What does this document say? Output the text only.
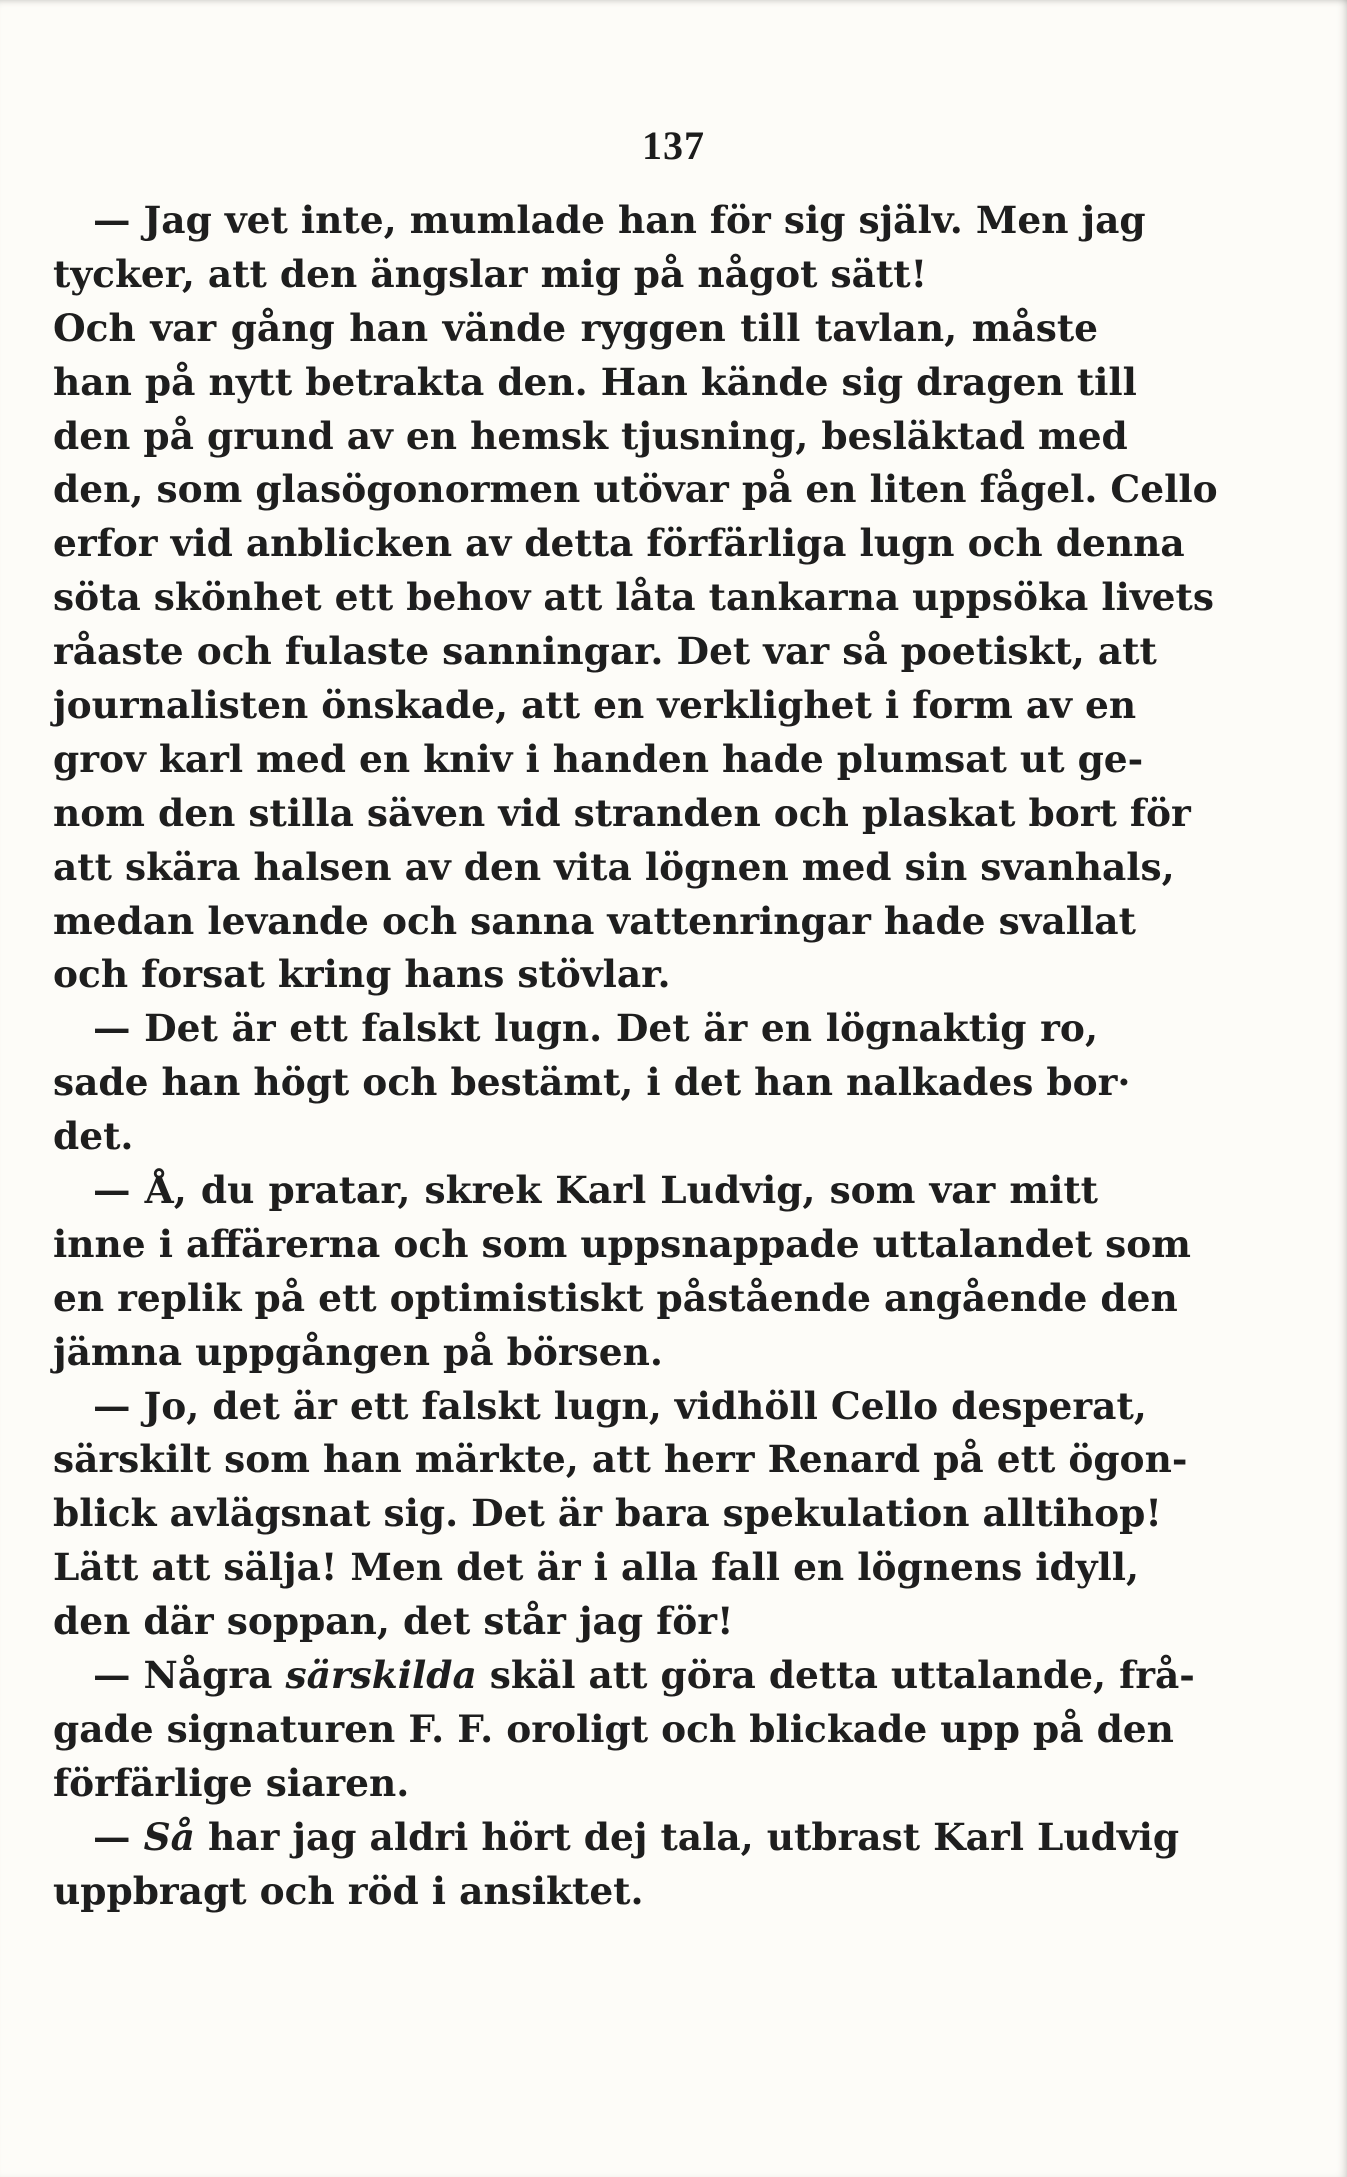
137
— Jag vet inte, mumlade han för sig själv. Men jag
tycker, att den ängslar mig på något sätt!
Och var gång han vände ryggen till tavlan, måste
han på nytt betrakta den. Han kände sig dragen till
den på grund av en hemsk tjusning, besläktad med
den, som glasögonormen utövar på en liten fågel. Cello
erfor vid anblicken av detta förfärliga lugn och denna
söta skönhet ett behov att låta tankarna uppsöka livets
råaste och fulaste sanningar. Det var så poetiskt, att
journalisten önskade, att en verklighet i form av en
grov karl med en kniv i handen hade plumsat ut ge-
nom den stilla säven vid stranden och plaskat bort för
att skära halsen av den vita lögnen med sin svanhals,
medan levande och sanna vattenringar hade svallat
och forsat kring hans stövlar.
— Det är ett falskt lugn. Det är en lögnaktig ro,
sade han högt och bestämt, i det han nalkades bor·
det.
— Å, du pratar, skrek Karl Ludvig, som var mitt
inne i affärerna och som uppsnappade uttalandet som
en replik på ett optimistiskt påstående angående den
jämna uppgången på börsen.
— Jo, det är ett falskt lugn, vidhöll Cello desperat,
särskilt som han märkte, att herr Renard på ett ögon-
blick avlägsnat sig. Det är bara spekulation alltihop!
Lätt att sälja! Men det är i alla fall en lögnens idyll,
den där soppan, det står jag för!
— Några särskilda skäl att göra detta uttalande, frå-
gade signaturen F. F. oroligt och blickade upp på den
förfärlige siaren.
— Så har jag aldri hört dej tala, utbrast Karl Ludvig
uppbragt och röd i ansiktet.
